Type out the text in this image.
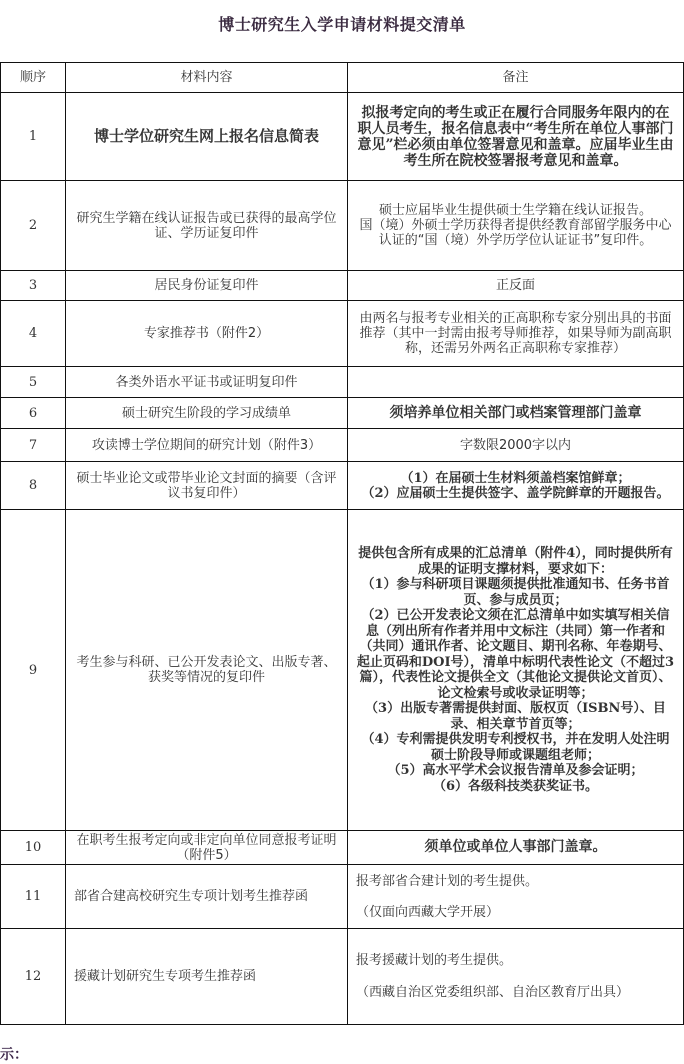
博士研究生入学申请材料提交清单
顺序	材料内容	备注
1	博士学位研究生网上报名信息简表	拟报考定向的考生或正在履行合同服务年限内的在职人员考生，报名信息表中“考生所在单位人事部门意见”栏必须由单位签署意见和盖章。应届毕业生由考生所在院校签署报考意见和盖章。
2	研究生学籍在线认证报告或已获得的最高学位证、学历证复印件	硕士应届毕业生提供硕士生学籍在线认证报告。
国（境）外硕士学历获得者提供经教育部留学服务中心认证的“国（境）外学历学位认证证书”复印件。

3	居民身份证复印件	正反面
4	专家推荐书（附件2）	由两名与报考专业相关的正高职称专家分别出具的书面推荐（其中一封需由报考导师推荐，如果导师为副高职称，还需另外两名正高职称专家推荐）
5	各类外语水平证书或证明复印件	
6	硕士研究生阶段的学习成绩单	须培养单位相关部门或档案管理部门盖章
7	攻读博士学位期间的研究计划（附件3）	字数限2000字以内
8	硕士毕业论文或带毕业论文封面的摘要（含评议书复印件）	（1）在届硕士生材料须盖档案馆鲜章；
（2）应届硕士生提供签字、盖学院鲜章的开题报告。

9	考生参与科研、已公开发表论文、出版专著、获奖等情况的复印件	
提供包含所有成果的汇总清单（附件4），同时提供所有成果的证明支撑材料，要求如下：
（1）参与科研项目课题须提供批准通知书、任务书首页、参与成员页；
（2）已公开发表论文须在汇总清单中如实填写相关信息（列出所有作者并用中文标注（共同）第一作者和（共同）通讯作者、论文题目、期刊名称、年卷期号、起止页码和DOI号），清单中标明代表性论文（不超过3篇），代表性论文提供全文（其他论文提供论文首页）、论文检索号或收录证明等；
（3）出版专著需提供封面、版权页（ISBN号）、目录、相关章节首页等；
（4）专利需提供发明专利授权书，并在发明人处注明硕士阶段导师或课题组老师；
（5）高水平学术会议报告清单及参会证明；
（6）各级科技类获奖证书。

10	在职考生报考定向或非定向单位同意报考证明（附件5）	须单位或单位人事部门盖章。
11	部省合建高校研究生专项计划考生推荐函	报考部省合建计划的考生提供。
（仅面向西藏大学开展）

12	援藏计划研究生专项考生推荐函	报考援藏计划的考生提供。
（西藏自治区党委组织部、自治区教育厅出具）
示：
